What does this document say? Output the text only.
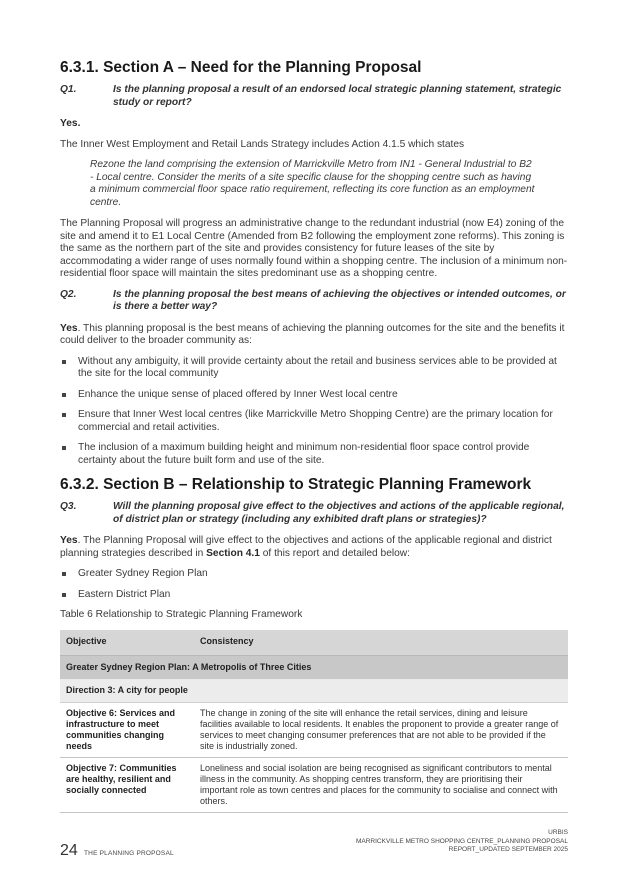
6.3.1. Section A – Need for the Planning Proposal
Q1.	Is the planning proposal a result of an endorsed local strategic planning statement, strategic study or report?

Yes.

The Inner West Employment and Retail Lands Strategy includes Action 4.1.5 which states

Rezone the land comprising the extension of Marrickville Metro from IN1 - General Industrial to B2 - Local centre. Consider the merits of a site specific clause for the shopping centre such as having a minimum commercial floor space ratio requirement, reflecting its core function as an employment centre.

The Planning Proposal will progress an administrative change to the redundant industrial (now E4) zoning of the site and amend it to E1 Local Centre (Amended from B2 following the employment zone reforms). This zoning is the same as the northern part of the site and provides consistency for future leases of the site by accommodating a wider range of uses normally found within a shopping centre. The inclusion of a minimum non-residential floor space will maintain the sites predominant use as a shopping centre.

Q2.	Is the planning proposal the best means of achieving the objectives or intended outcomes, or is there a better way?

Yes. This planning proposal is the best means of achieving the planning outcomes for the site and the benefits it could deliver to the broader community as:

Without any ambiguity, it will provide certainty about the retail and business services able to be provided at the site for the local community
Enhance the unique sense of placed offered by Inner West local centre
Ensure that Inner West local centres (like Marrickville Metro Shopping Centre) are the primary location for commercial and retail activities.
The inclusion of a maximum building height and minimum non-residential floor space control provide certainty about the future built form and use of the site.
6.3.2. Section B – Relationship to Strategic Planning Framework
Q3.	Will the planning proposal give effect to the objectives and actions of the applicable regional, of district plan or strategy (including any exhibited draft plans or strategies)?

Yes. The Planning Proposal will give effect to the objectives and actions of the applicable regional and district planning strategies described in Section 4.1 of this report and detailed below:

Greater Sydney Region Plan
Eastern District Plan

Table 6 Relationship to Strategic Planning Framework

Objective	Consistency
Greater Sydney Region Plan: A Metropolis of Three Cities	
Direction 3: A city for people	
Objective 6: Services and infrastructure to meet communities changing needs	The change in zoning of the site will enhance the retail services, dining and leisure facilities available to local residents. It enables the proponent to provide a greater range of services to meet changing consumer preferences that are not able to be provided if the site is industrially zoned.
Objective 7: Communities are healthy, resilient and socially connected	Loneliness and social isolation are being recognised as significant contributors to mental illness in the community. As shopping centres transform, they are prioritising their important role as town centres and places for the community to socialise and connect with others.
24 THE PLANNING PROPOSAL
URBIS
MARRICKVILLE METRO SHOPPING CENTRE_PLANNING PROPOSAL
REPORT_UPDATED SEPTEMBER 2025
